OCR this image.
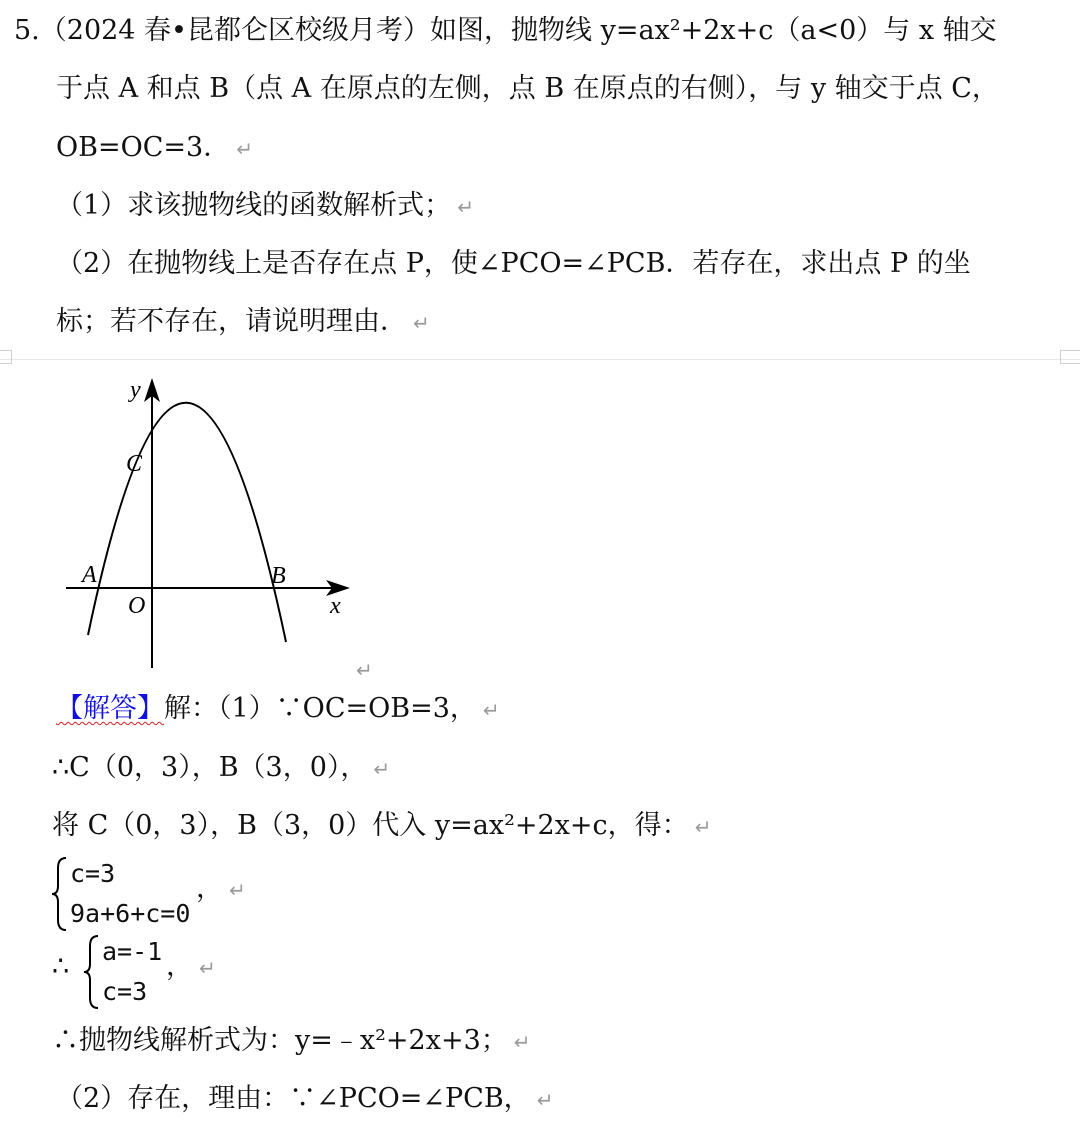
5.（2024 春•昆都仑区校级月考）如图，抛物线 y=ax²+2x+c（a<0）与 x 轴交
于点 A 和点 B（点 A 在原点的左侧，点 B 在原点的右侧），与 y 轴交于点 C，
OB=OC=3． ↵
（1）求该抛物线的函数解析式； ↵
（2）在抛物线上是否存在点 P，使∠PCO=∠PCB．若存在，求出点 P 的坐
标；若不存在，请说明理由． ↵
y
C
A	B
O	x
↵
【解答】解：（1）∵OC=OB=3， ↵
∴C（0，3），B（3，0）， ↵
将 C（0，3），B（3，0）代入 y=ax²+2x+c，得： ↵
c=3
9a+6+c=0
， ↵
∴ a=-1
c=3
， ↵
∴抛物线解析式为：y=﹣x²+2x+3； ↵
（2）存在，理由：∵∠PCO=∠PCB， ↵
